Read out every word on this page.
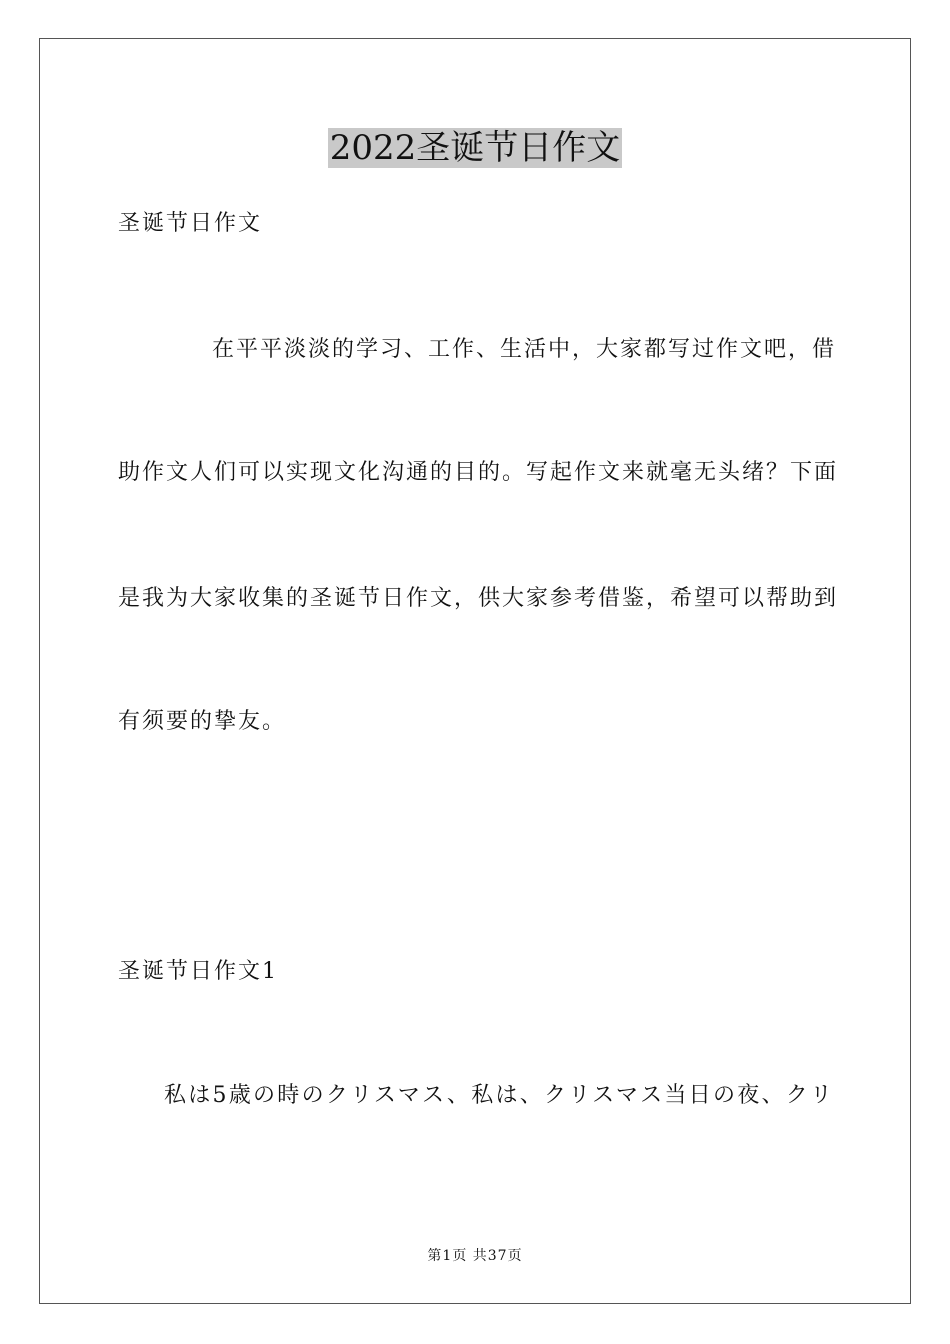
2022圣诞节日作文
圣诞节日作文
在平平淡淡的学习、工作、生活中，大家都写过作文吧，借
助作文人们可以实现文化沟通的目的。写起作文来就毫无头绪？下面
是我为大家收集的圣诞节日作文，供大家参考借鉴，希望可以帮助到
有须要的挚友。
圣诞节日作文1
私は5歳の時のクリスマス、私は、クリスマス当日の夜、クリ
第1页 共37页
